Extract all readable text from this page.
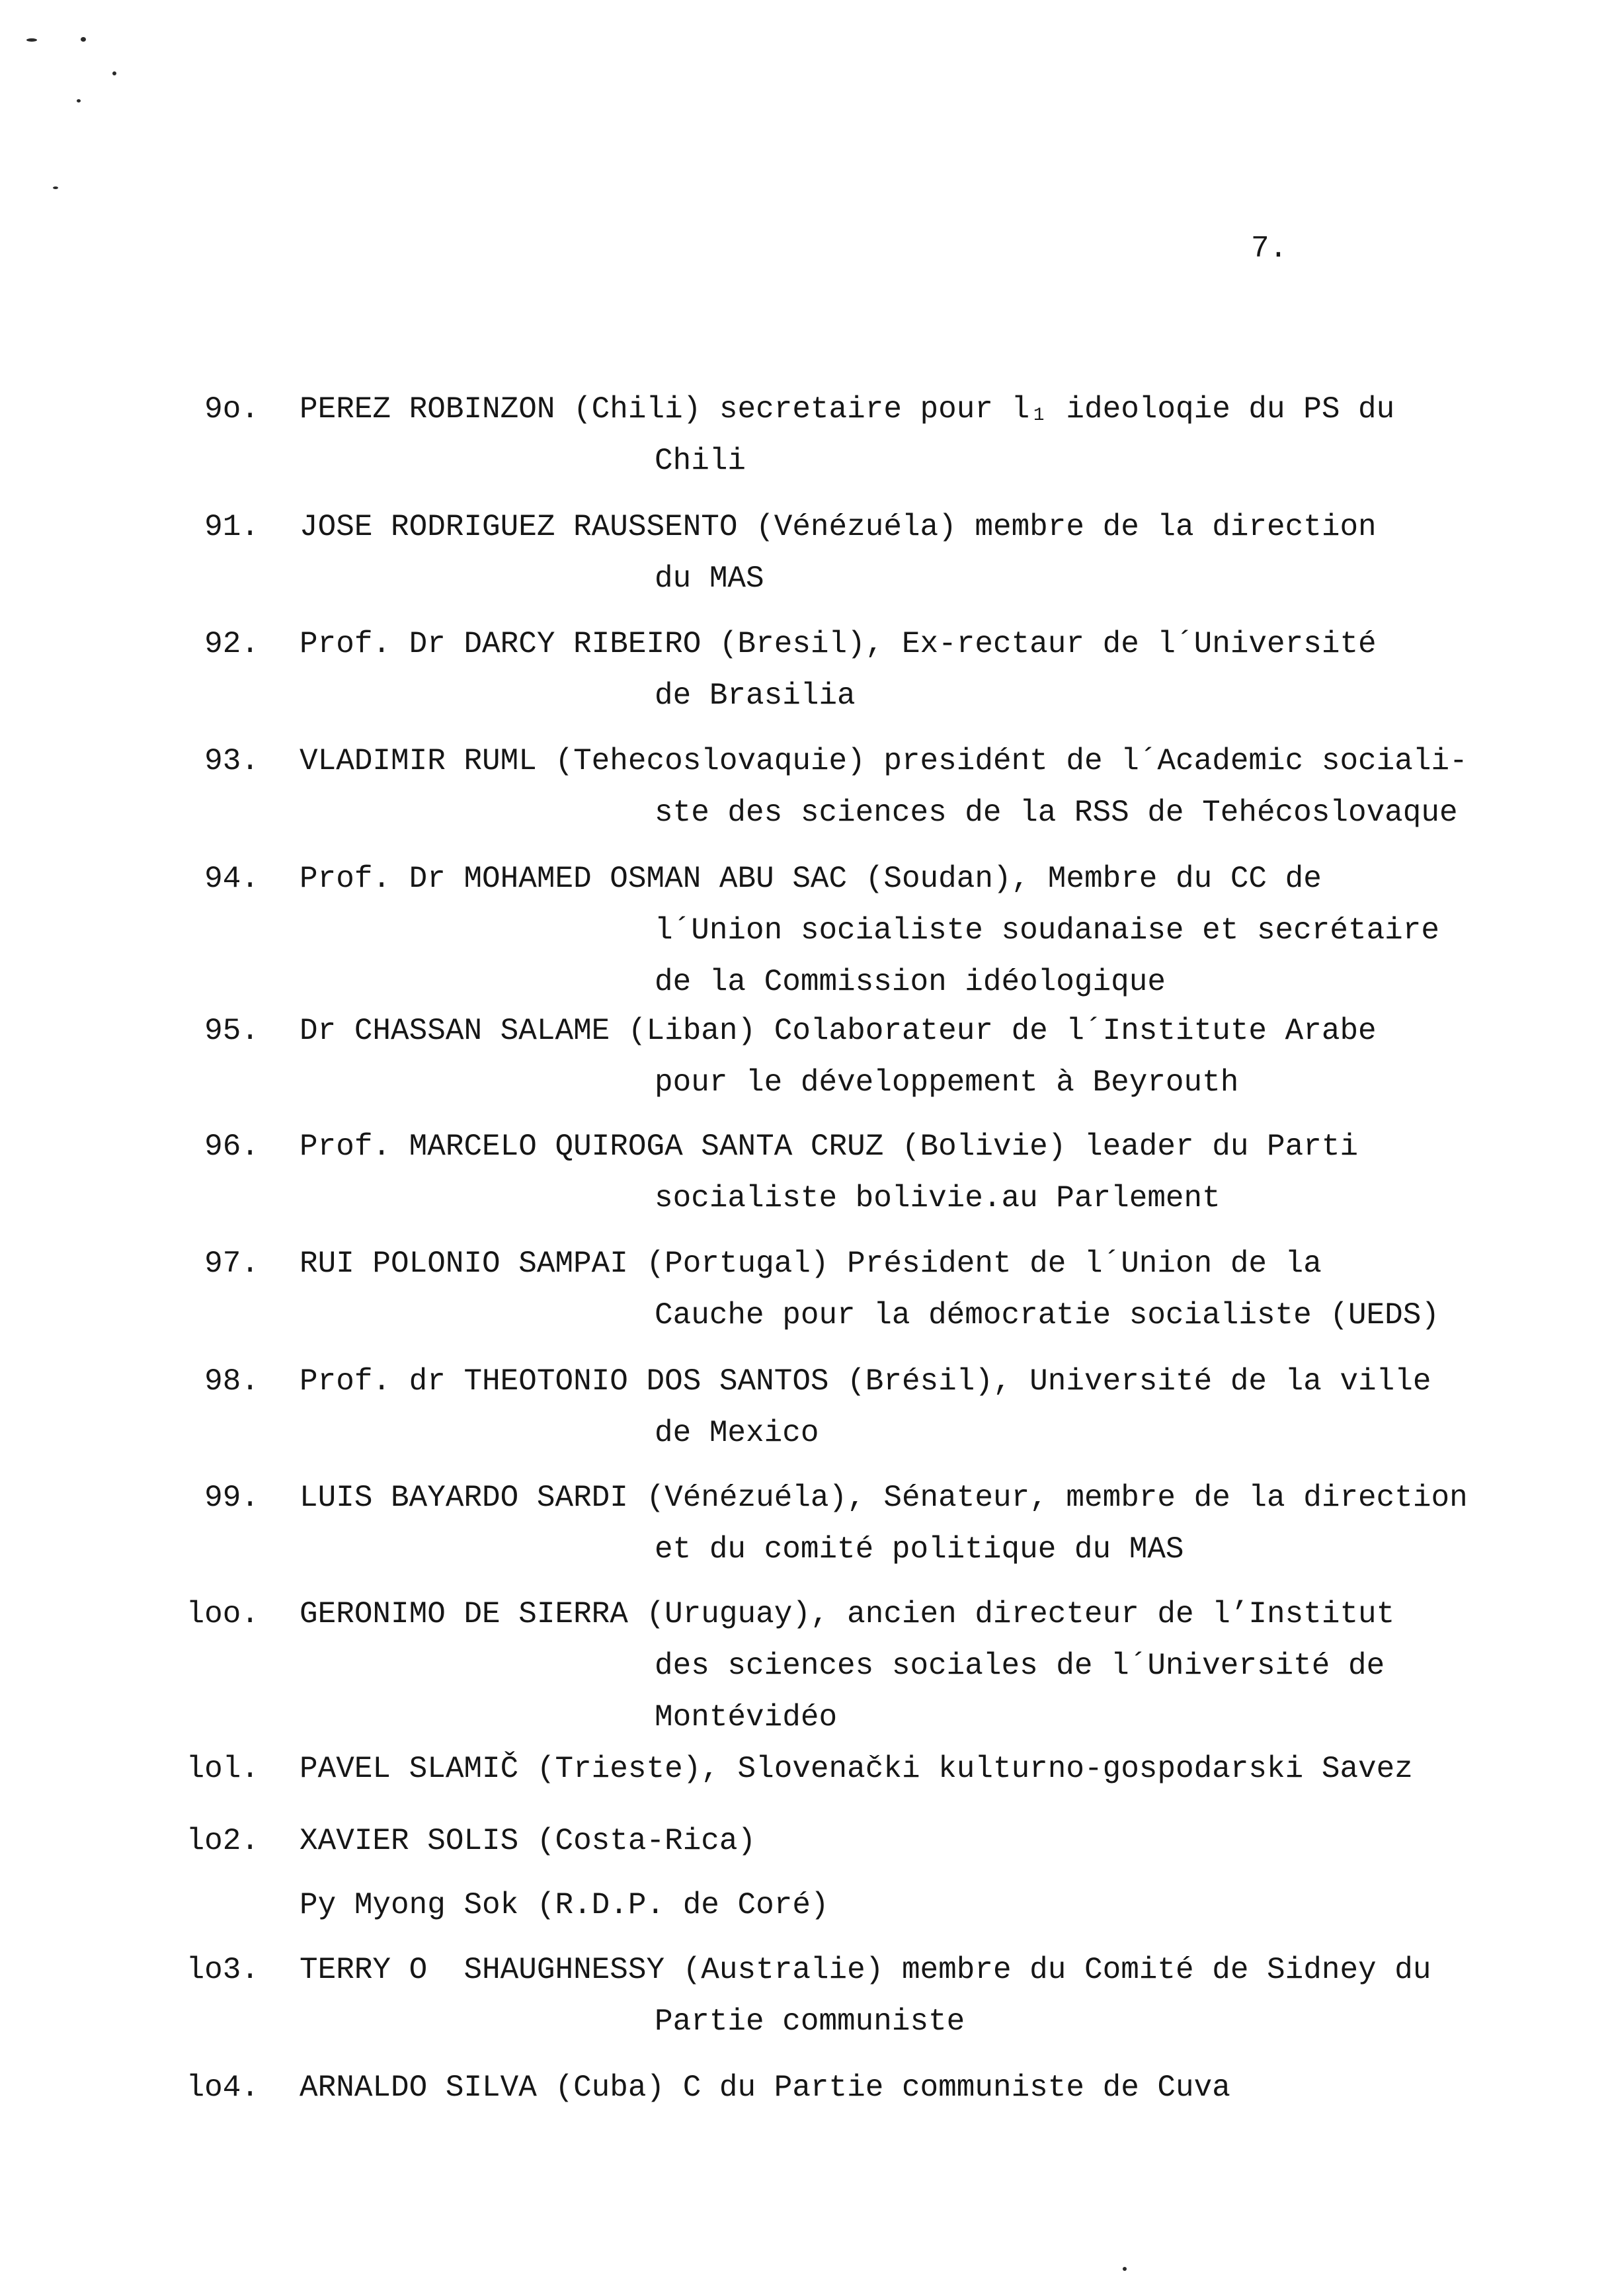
7.
9o.	PEREZ ROBINZON (Chili) secretaire pour l₁ ideoloqie du PS du
Chili
91.	JOSE RODRIGUEZ RAUSSENTO (Vénézuéla) membre de la direction
du MAS
92.	Prof. Dr DARCY RIBEIRO (Bresil), Ex-rectaur de l´Université
de Brasilia
93.	VLADIMIR RUML (Tehecoslovaquie) presidént de l´Academic sociali-
ste des sciences de la RSS de Tehécoslovaque
94.	Prof. Dr MOHAMED OSMAN ABU SAC (Soudan), Membre du CC de
l´Union socialiste soudanaise et secrétaire
de la Commission idéologique
95.	Dr CHASSAN SALAME (Liban) Colaborateur de l´Institute Arabe
pour le développement à Beyrouth
96.	Prof. MARCELO QUIROGA SANTA CRUZ (Bolivie) leader du Parti
socialiste bolivie.au Parlement
97.	RUI POLONIO SAMPAI (Portugal) Président de l´Union de la
Cauche pour la démocratie socialiste (UEDS)
98.	Prof. dr THEOTONIO DOS SANTOS (Brésil), Université de la ville
de Mexico
99.	LUIS BAYARDO SARDI (Vénézuéla), Sénateur, membre de la direction
et du comité politique du MAS
loo.	GERONIMO DE SIERRA (Uruguay), ancien directeur de l’Institut
des sciences sociales de l´Université de
Montévidéo
lol.	PAVEL SLAMIČ (Trieste), Slovenački kulturno-gospodarski Savez
lo2.	XAVIER SOLIS (Costa-Rica)
Py Myong Sok (R.D.P. de Coré)
lo3.	TERRY O  SHAUGHNESSY (Australie) membre du Comité de Sidney du
Partie communiste
lo4.	ARNALDO SILVA (Cuba) C du Partie communiste de Cuva
